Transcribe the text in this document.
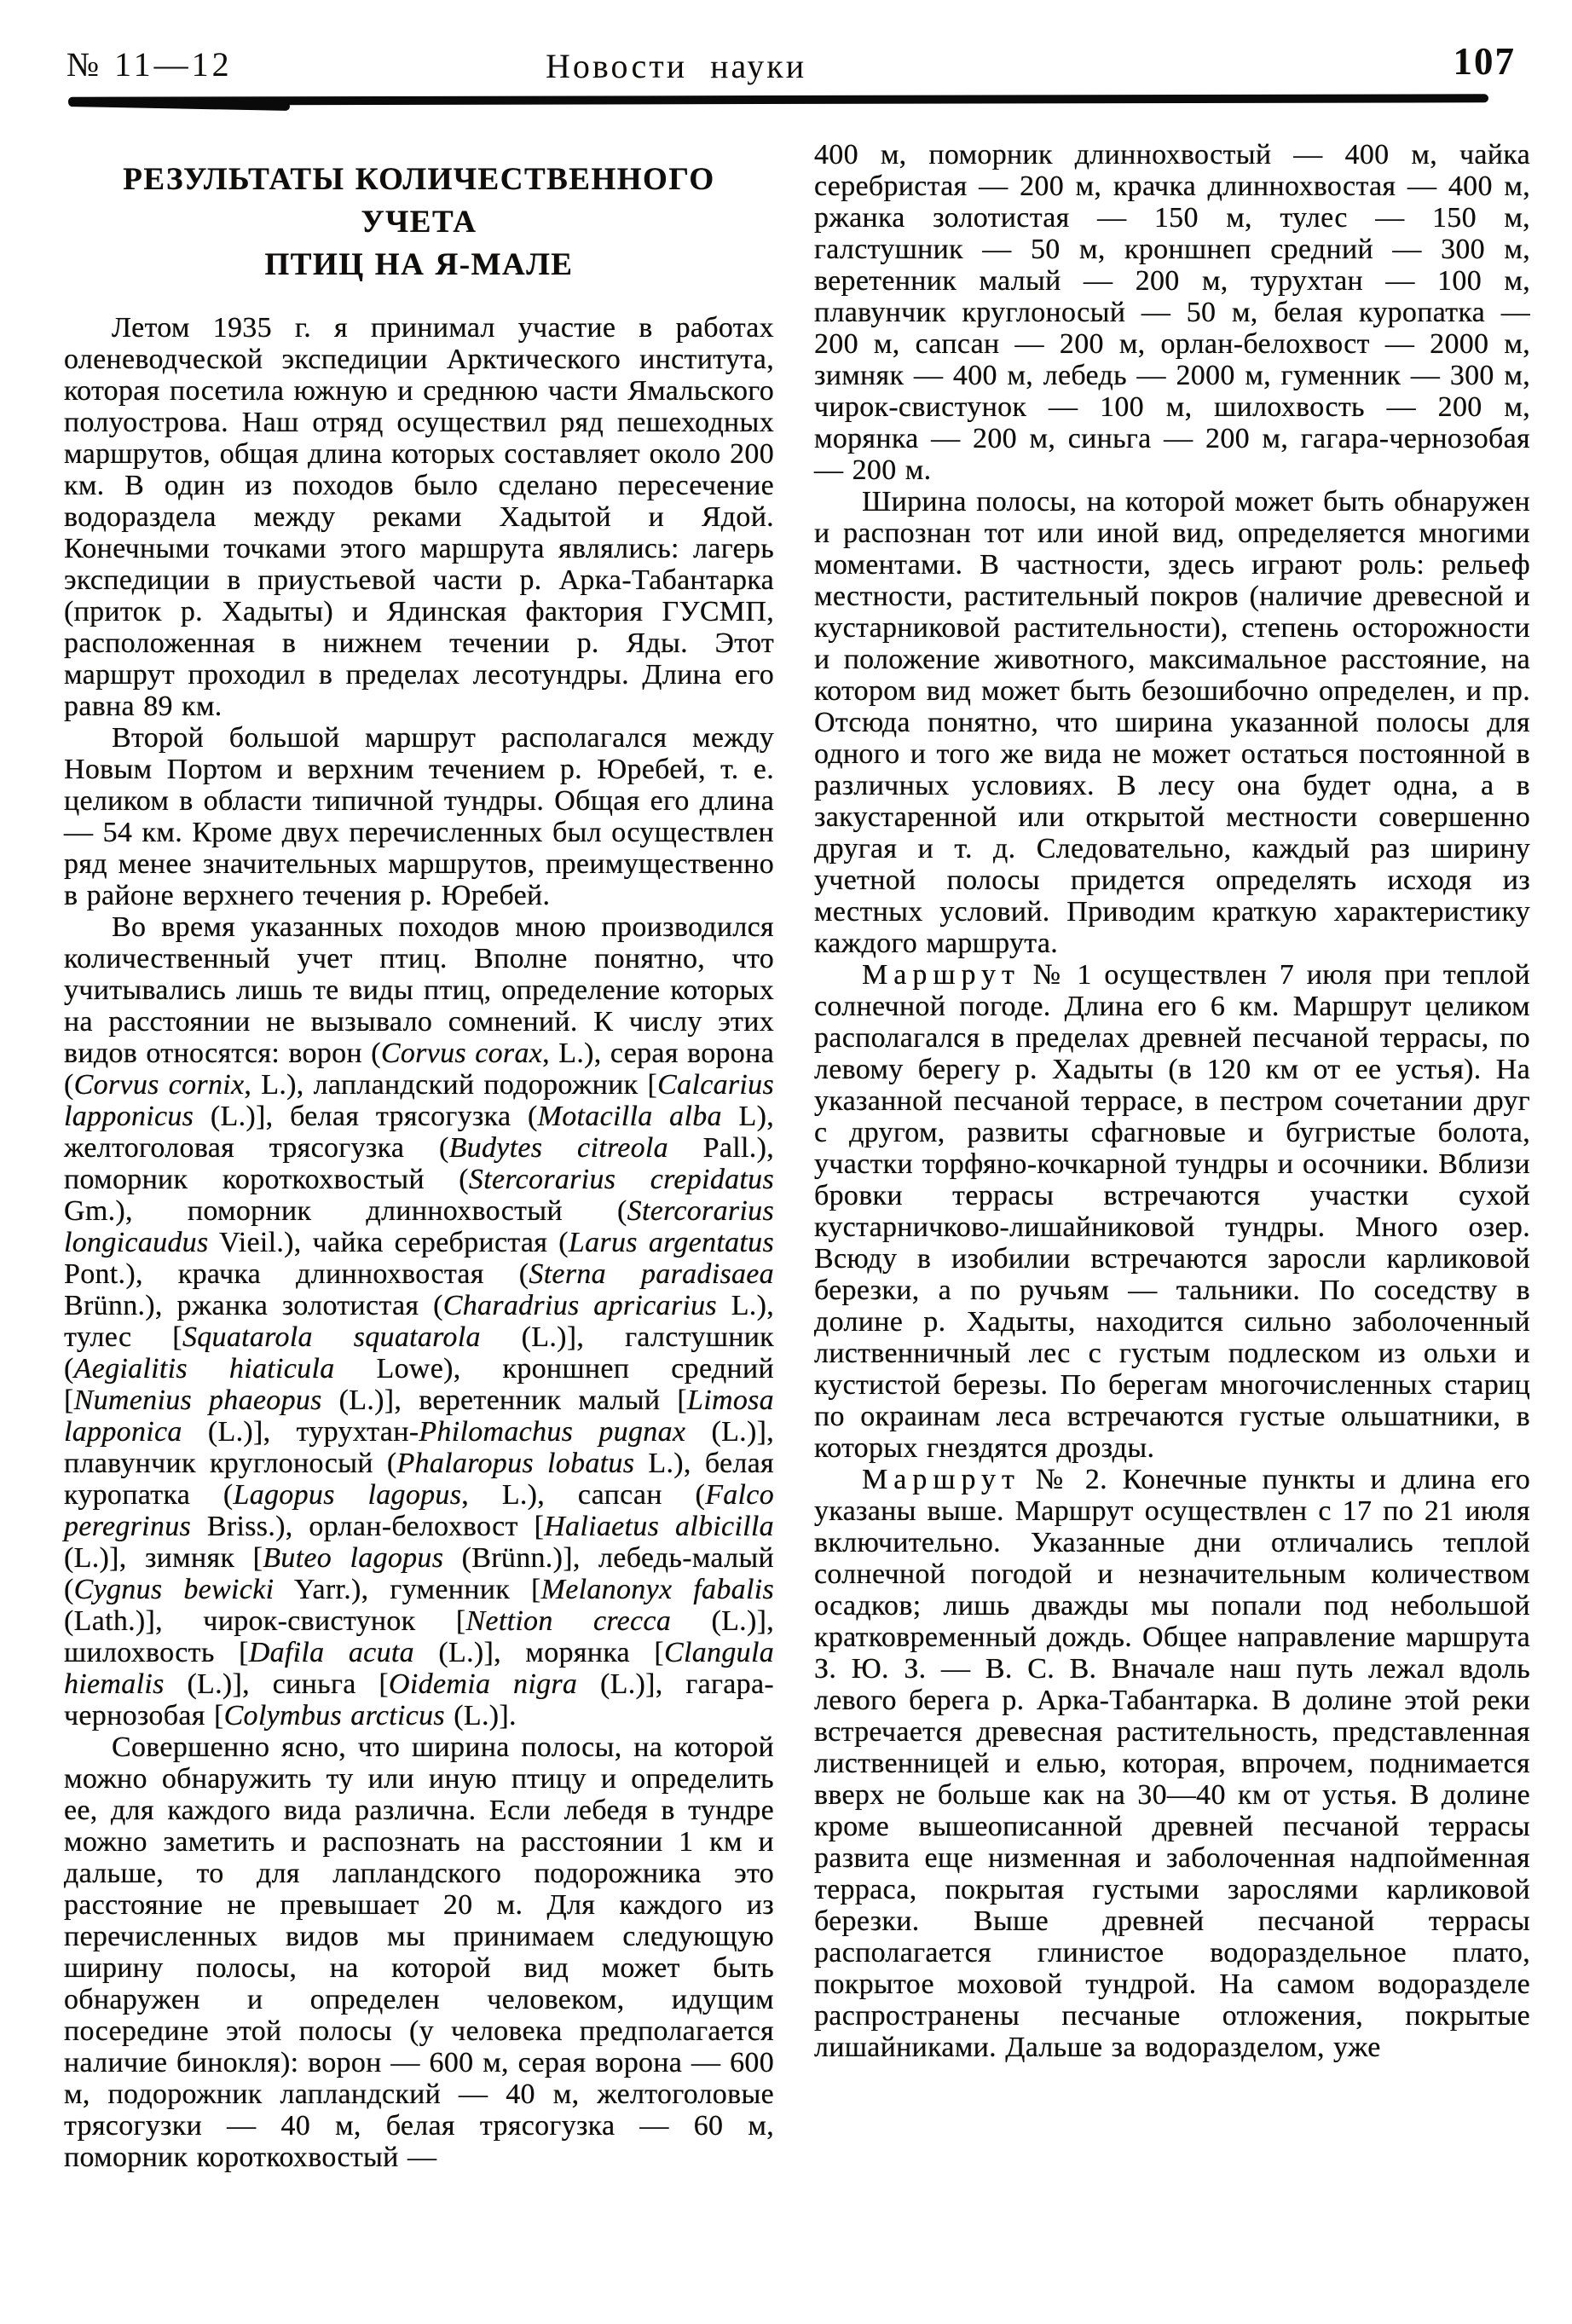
№ 11—12	Новости науки	107
РЕЗУЛЬТАТЫ КОЛИЧЕСТВЕННОГО УЧЕТА
ПТИЦ НА Я-МАЛЕ

Летом 1935 г. я принимал участие в работах оленеводческой экспедиции Арктического института, которая посетила южную и среднюю части Ямальского полуострова. Наш отряд осуществил ряд пешеходных маршрутов, общая длина которых составляет около 200 км. В один из походов было сделано пересечение водораздела между реками Хадытой и Ядой. Конечными точками этого маршрута являлись: лагерь экспедиции в приустьевой части р. Арка-Табантарка (приток р. Хадыты) и Ядинская фактория ГУСМП, расположенная в нижнем течении р. Яды. Этот маршрут проходил в пределах лесотундры. Длина его равна 89 км.

Второй большой маршрут располагался между Новым Портом и верхним течением р. Юребей, т. е. целиком в области типичной тундры. Общая его длина — 54 км. Кроме двух перечисленных был осуществлен ряд менее значительных маршрутов, преимущественно в районе верхнего течения р. Юребей.

Во время указанных походов мною производился количественный учет птиц. Вполне понятно, что учитывались лишь те виды птиц, определение которых на расстоянии не вызывало сомнений. К числу этих видов относятся: ворон (Corvus corax, L.), серая ворона (Corvus cornix, L.), лапландский подорожник [Calcarius lapponicus (L.)], белая трясогузка (Motacilla alba L), желтоголовая трясогузка (Budytes citreola Pall.), поморник короткохвостый (Stercorarius crepidatus Gm.), поморник длиннохвостый (Stercorarius longicaudus Vieil.), чайка серебристая (Larus argentatus Pont.), крачка длиннохвостая (Sterna paradisaea Brünn.), ржанка золотистая (Charadrius apricarius L.), тулес [Squatarola squatarola (L.)], галстушник (Aegialitis hiaticula Lowe), кроншнеп средний [Numenius phaeopus (L.)], веретенник малый [Limosa lapponica (L.)], турухтан-Philomachus pugnax (L.)], плавунчик круглоносый (Phalaropus lobatus L.), белая куропатка (Lagopus lagopus, L.), сапсан (Falco peregrinus Briss.), орлан-белохвост [Haliaetus albicilla (L.)], зимняк [Buteo lagopus (Brünn.)], лебедь-малый (Cygnus bewicki Yarr.), гуменник [Melanonyx fabalis (Lath.)], чирок-свистунок [Nettion crecca (L.)], шилохвость [Dafila acuta (L.)], морянка [Clangula hiemalis (L.)], синьга [Oidemia nigra (L.)], гагара-чернозобая [Colymbus arcticus (L.)].

Совершенно ясно, что ширина полосы, на которой можно обнаружить ту или иную птицу и определить ее, для каждого вида различна. Если лебедя в тундре можно заметить и распознать на расстоянии 1 км и дальше, то для лапландского подорожника это расстояние не превышает 20 м. Для каждого из перечисленных видов мы принимаем следующую ширину полосы, на которой вид может быть обнаружен и определен человеком, идущим посередине этой полосы (у человека предполагается наличие бинокля): ворон — 600 м, серая ворона — 600 м, подорожник лапландский — 40 м, желтоголовые трясогузки — 40 м, белая трясогузка — 60 м, поморник короткохвостый —

400 м, поморник длиннохвостый — 400 м, чайка серебристая — 200 м, крачка длиннохвостая — 400 м, ржанка золотистая — 150 м, тулес — 150 м, галстушник — 50 м, кроншнеп средний — 300 м, веретенник малый — 200 м, турухтан — 100 м, плавунчик круглоносый — 50 м, белая куропатка — 200 м, сапсан — 200 м, орлан-белохвост — 2000 м, зимняк — 400 м, лебедь — 2000 м, гуменник — 300 м, чирок-свистунок — 100 м, шилохвость — 200 м, морянка — 200 м, синьга — 200 м, гагара-чернозобая — 200 м.

Ширина полосы, на которой может быть обнаружен и распознан тот или иной вид, определяется многими моментами. В частности, здесь играют роль: рельеф местности, растительный покров (наличие древесной и кустарниковой растительности), степень осторожности и положение животного, максимальное расстояние, на котором вид может быть безошибочно определен, и пр. Отсюда понятно, что ширина указанной полосы для одного и того же вида не может остаться постоянной в различных условиях. В лесу она будет одна, а в закустаренной или открытой местности совершенно другая и т. д. Следовательно, каждый раз ширину учетной полосы придется определять исходя из местных условий. Приводим краткую характеристику каждого маршрута.

Маршрут № 1 осуществлен 7 июля при теплой солнечной погоде. Длина его 6 км. Маршрут целиком располагался в пределах древней песчаной террасы, по левому берегу р. Хадыты (в 120 км от ее устья). На указанной песчаной террасе, в пестром сочетании друг с другом, развиты сфагновые и бугристые болота, участки торфяно-кочкарной тундры и осочники. Вблизи бровки террасы встречаются участки сухой кустарничково-лишайниковой тундры. Много озер. Всюду в изобилии встречаются заросли карликовой березки, а по ручьям — тальники. По соседству в долине р. Хадыты, находится сильно заболоченный лиственничный лес с густым подлеском из ольхи и кустистой березы. По берегам многочисленных стариц по окраинам леса встречаются густые ольшатники, в которых гнездятся дрозды.

Маршрут № 2. Конечные пункты и длина его указаны выше. Маршрут осуществлен с 17 по 21 июля включительно. Указанные дни отличались теплой солнечной погодой и незначительным количеством осадков; лишь дважды мы попали под небольшой кратковременный дождь. Общее направление маршрута З. Ю. З. — В. С. В. Вначале наш путь лежал вдоль левого берега р. Арка-Табантарка. В долине этой реки встречается древесная растительность, представленная лиственницей и елью, которая, впрочем, поднимается вверх не больше как на 30—40 км от устья. В долине кроме вышеописанной древней песчаной террасы развита еще низменная и заболоченная надпойменная терраса, покрытая густыми зарослями карликовой березки. Выше древней песчаной террасы располагается глинистое водораздельное плато, покрытое моховой тундрой. На самом водоразделе распространены песчаные отложения, покрытые лишайниками. Дальше за водоразделом, уже
